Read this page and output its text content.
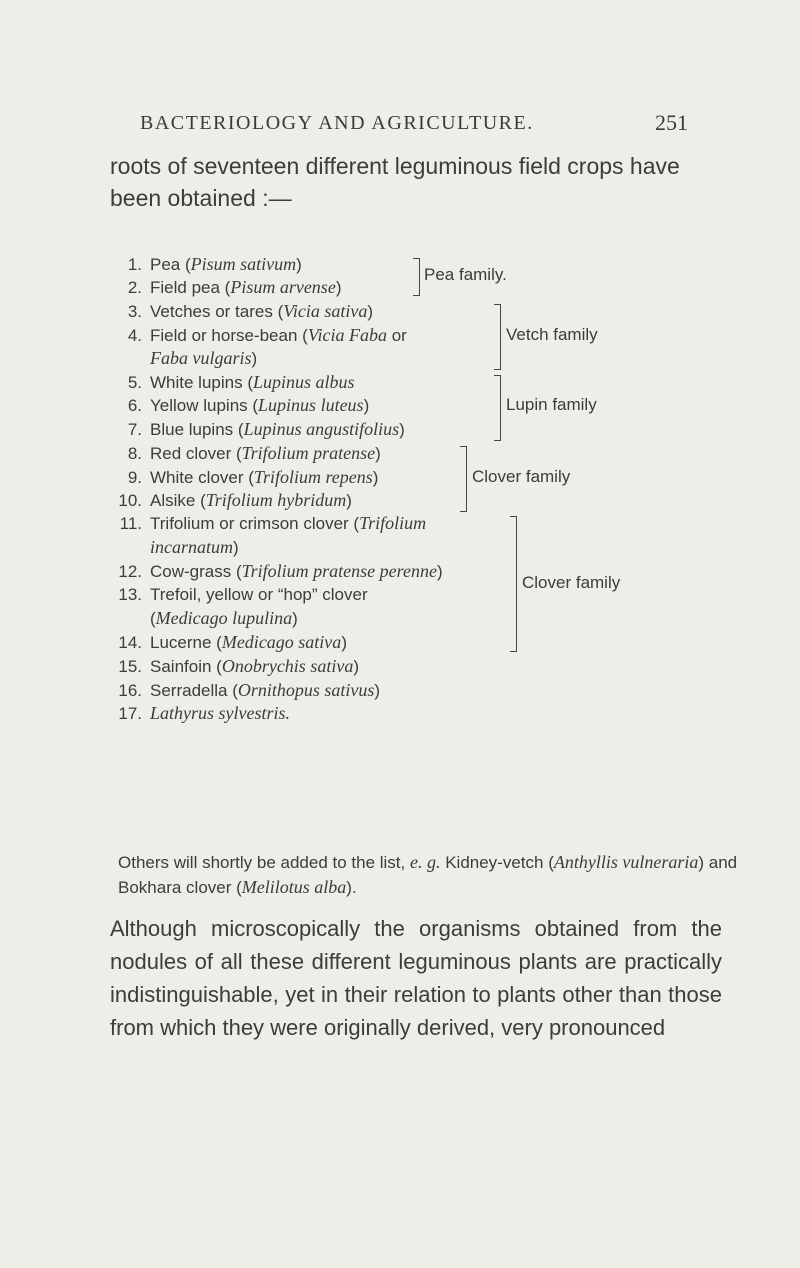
BACTERIOLOGY AND AGRICULTURE.	251
roots of seventeen different leguminous field crops have been obtained :—
1. Pea (Pisum sativum)
2. Field pea (Pisum arvense)
3. Vetches or tares (Vicia sativa)
4. Field or horse-bean (Vicia Faba or
Faba vulgaris)
5. White lupins (Lupinus albus
6. Yellow lupins (Lupinus luteus)
7. Blue lupins (Lupinus angustifolius)
8. Red clover (Trifolium pratense)
9. White clover (Trifolium repens)
10. Alsike (Trifolium hybridum)
11. Trifolium or crimson clover (Trifolium
incarnatum)
12. Cow-grass (Trifolium pratense perenne)
13. Trefoil, yellow or “hop” clover
(Medicago lupulina)
14. Lucerne (Medicago sativa)
15. Sainfoin (Onobrychis sativa)
16. Serradella (Ornithopus sativus)
17. Lathyrus sylvestris.
Pea family.
Vetch family
Lupin family
Clover family
Clover family
Others will shortly be added to the list, e. g. Kidney-vetch (Anthyllis vulneraria) and Bokhara clover (Melilotus alba).
Although microscopically the organisms obtained from the nodules of all these different leguminous plants are practically indistinguishable, yet in their relation to plants other than those from which they were originally derived, very pronounced
